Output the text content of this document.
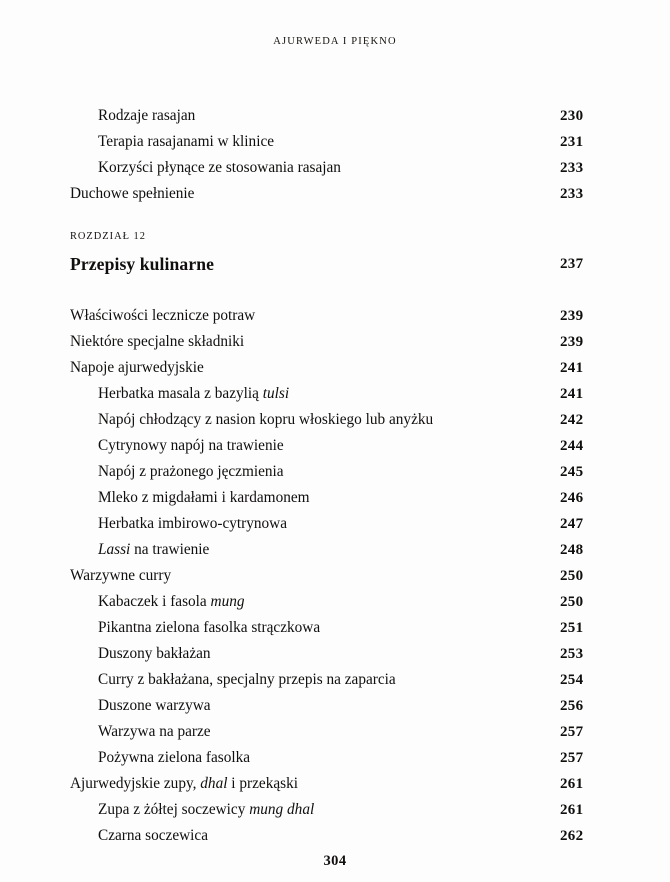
AJURWEDA I PIĘKNO
Rodzaje rasajan	230
Terapia rasajanami w klinice	231
Korzyści płynące ze stosowania rasajan	233
Duchowe spełnienie	233
ROZDZIAŁ 12
Przepisy kulinarne	237
Właściwości lecznicze potraw	239
Niektóre specjalne składniki	239
Napoje ajurwedyjskie	241
Herbatka masala z bazylią tulsi	241
Napój chłodzący z nasion kopru włoskiego lub anyżku	242
Cytrynowy napój na trawienie	244
Napój z prażonego jęczmienia	245
Mleko z migdałami i kardamonem	246
Herbatka imbirowo-cytrynowa	247
Lassi na trawienie	248
Warzywne curry	250
Kabaczek i fasola mung	250
Pikantna zielona fasolka strączkowa	251
Duszony bakłażan	253
Curry z bakłażana, specjalny przepis na zaparcia	254
Duszone warzywa	256
Warzywa na parze	257
Pożywna zielona fasolka	257
Ajurwedyjskie zupy, dhal i przekąski	261
Zupa z żółtej soczewicy mung dhal	261
Czarna soczewica	262
304
